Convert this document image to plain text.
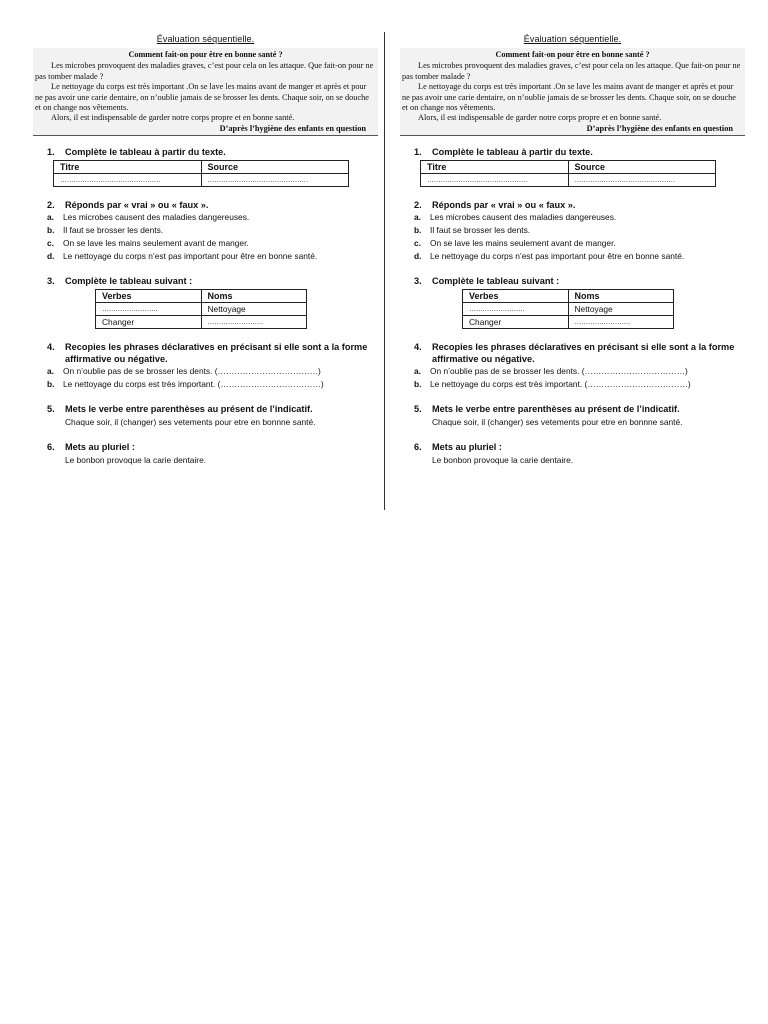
Évaluation séquentielle.
Comment fait-on pour être en bonne santé ?

Les microbes provoquent des maladies graves, c’est pour cela on les attaque. Que fait-on pour ne pas tomber malade ?

Le nettoyage du corps est très important .On se lave les mains avant de manger et après et pour ne pas avoir une carie dentaire, on n’oublie jamais de se brosser les dents. Chaque soir, on se douche et on change nos vêtements.

Alors, il est indispensable de garder notre corps propre et en bonne santé.

D’après l’hygiène des enfants en question

1.	Complète le tableau à partir du texte.
Titre	Source
………………………………………	………………………………………
2.	Réponds par « vrai » ou « faux ».
a.	Les microbes causent des maladies dangereuses.
b.	Il faut se brosser les dents.
c.	On se lave les mains seulement avant de manger.
d.	Le nettoyage du corps n’est pas important pour être en bonne santé.
3.	Complète le tableau suivant :
Verbes	Noms
…………………….	Nettoyage
Changer	…………………….
4.	Recopies les phrases déclaratives en précisant si elle sont a la forme affirmative ou négative.
a.	On n’oublie pas de se brosser les dents. (………………………………)
b.	Le nettoyage du corps est très important. (………………………………)
5.	Mets le verbe entre parenthèses au présent de l’indicatif.
Chaque soir, il (changer) ses vetements pour etre en bonnne santé.
6.	Mets au pluriel :
Le bonbon provoque la carie dentaire.
Évaluation séquentielle.
Comment fait-on pour être en bonne santé ?

Les microbes provoquent des maladies graves, c’est pour cela on les attaque. Que fait-on pour ne pas tomber malade ?

Le nettoyage du corps est très important .On se lave les mains avant de manger et après et pour ne pas avoir une carie dentaire, on n’oublie jamais de se brosser les dents. Chaque soir, on se douche et on change nos vêtements.

Alors, il est indispensable de garder notre corps propre et en bonne santé.

D’après l’hygiène des enfants en question

1.	Complète le tableau à partir du texte.
Titre	Source
………………………………………	………………………………………
2.	Réponds par « vrai » ou « faux ».
a.	Les microbes causent des maladies dangereuses.
b.	Il faut se brosser les dents.
c.	On se lave les mains seulement avant de manger.
d.	Le nettoyage du corps n’est pas important pour être en bonne santé.
3.	Complète le tableau suivant :
Verbes	Noms
…………………….	Nettoyage
Changer	…………………….
4.	Recopies les phrases déclaratives en précisant si elle sont a la forme affirmative ou négative.
a.	On n’oublie pas de se brosser les dents. (………………………………)
b.	Le nettoyage du corps est très important. (………………………………)
5.	Mets le verbe entre parenthèses au présent de l’indicatif.
Chaque soir, il (changer) ses vetements pour etre en bonnne santé.
6.	Mets au pluriel :
Le bonbon provoque la carie dentaire.
